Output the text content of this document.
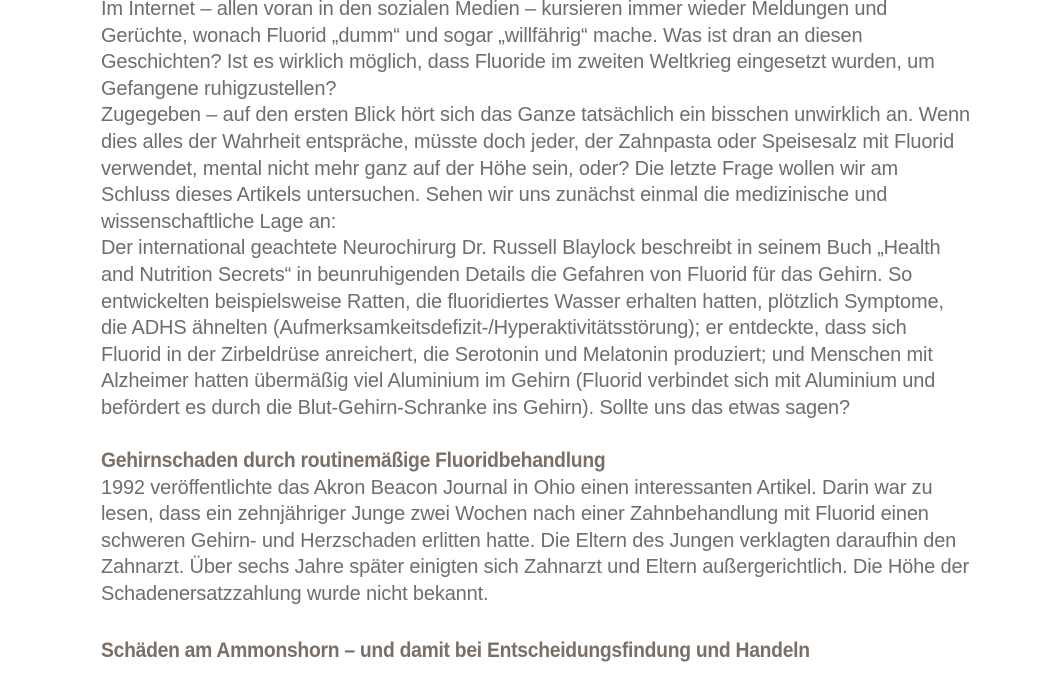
Im Internet – allen voran in den sozialen Medien – kursieren immer wieder Meldungen und Gerüchte, wonach Fluorid „dumm“ und sogar „willfährig“ mache. Was ist dran an diesen Geschichten? Ist es wirklich möglich, dass Fluoride im zweiten Weltkrieg eingesetzt wurden, um Gefangene ruhigzustellen?

Zugegeben – auf den ersten Blick hört sich das Ganze tatsächlich ein bisschen unwirklich an. Wenn dies alles der Wahrheit entspräche, müsste doch jeder, der Zahnpasta oder Speisesalz mit Fluorid verwendet, mental nicht mehr ganz auf der Höhe sein, oder? Die letzte Frage wollen wir am Schluss dieses Artikels untersuchen. Sehen wir uns zunächst einmal die medizinische und wissenschaftliche Lage an:

Der international geachtete Neurochirurg Dr. Russell Blaylock beschreibt in seinem Buch „Health and Nutrition Secrets“ in beunruhigenden Details die Gefahren von Fluorid für das Gehirn. So entwickelten beispielsweise Ratten, die fluoridiertes Wasser erhalten hatten, plötzlich Symptome, die ADHS ähnelten (Aufmerksamkeitsdefizit-/Hyperaktivitätsstörung); er entdeckte, dass sich Fluorid in der Zirbeldrüse anreichert, die Serotonin und Melatonin produziert; und Menschen mit Alzheimer hatten übermäßig viel Aluminium im Gehirn (Fluorid verbindet sich mit Aluminium und befördert es durch die Blut-Gehirn-Schranke ins Gehirn). Sollte uns das etwas sagen?

Gehirnschaden durch routinemäßige Fluoridbehandlung

1992 veröffentlichte das Akron Beacon Journal in Ohio einen interessanten Artikel. Darin war zu lesen, dass ein zehnjähriger Junge zwei Wochen nach einer Zahnbehandlung mit Fluorid einen schweren Gehirn- und Herzschaden erlitten hatte. Die Eltern des Jungen verklagten daraufhin den Zahnarzt. Über sechs Jahre später einigten sich Zahnarzt und Eltern außergerichtlich. Die Höhe der Schadenersatzzahlung wurde nicht bekannt.

Schäden am Ammonshorn – und damit bei Entscheidungsfindung und Handeln
